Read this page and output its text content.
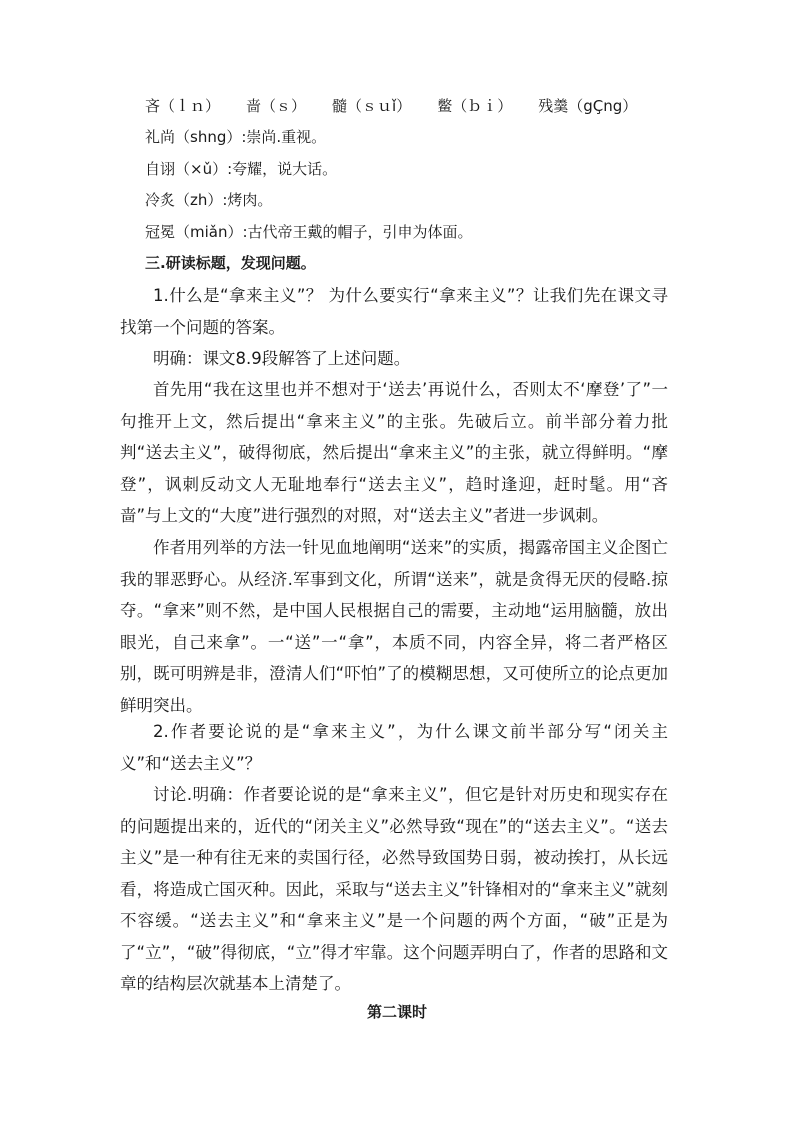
吝（ｌｎ） 啬（ｓ） 髓（ｓｕǐ） 鳖（ｂｉ） 残羹（gÇng）
礼尚（shng）:崇尚.重视。
自诩（×ǔ）:夸耀，说大话。
冷炙（zh）:烤肉。
冠冕（miǎn）:古代帝王戴的帽子，引申为体面。
三.研读标题，发现问题。
1.什么是“拿来主义”？ 为什么要实行“拿来主义”？让我们先在课文寻找第一个问题的答案。
明确：课文8.9段解答了上述问题。
首先用“我在这里也并不想对于‘送去’再说什么，否则太不‘摩登’了”一句推开上文，然后提出“拿来主义”的主张。先破后立。前半部分着力批判“送去主义”，破得彻底，然后提出“拿来主义”的主张，就立得鲜明。“摩登”，讽刺反动文人无耻地奉行“送去主义”，趋时逢迎，赶时髦。用“吝啬”与上文的“大度”进行强烈的对照，对“送去主义”者进一步讽刺。
作者用列举的方法一针见血地阐明“送来”的实质，揭露帝国主义企图亡我的罪恶野心。从经济.军事到文化，所谓“送来”，就是贪得无厌的侵略.掠夺。“拿来”则不然，是中国人民根据自己的需要，主动地“运用脑髓，放出眼光，自己来拿”。一“送”一“拿”，本质不同，内容全异，将二者严格区别，既可明辨是非，澄清人们“吓怕”了的模糊思想，又可使所立的论点更加鲜明突出。
2.作者要论说的是“拿来主义”，为什么课文前半部分写“闭关主义”和“送去主义”？
讨论.明确：作者要论说的是“拿来主义”，但它是针对历史和现实存在的问题提出来的，近代的“闭关主义”必然导致“现在”的“送去主义”。“送去主义”是一种有往无来的卖国行径，必然导致国势日弱，被动挨打，从长远看，将造成亡国灭种。因此，采取与“送去主义”针锋相对的“拿来主义”就刻不容缓。“送去主义”和“拿来主义”是一个问题的两个方面，“破”正是为了“立”，“破”得彻底，“立”得才牢靠。这个问题弄明白了，作者的思路和文章的结构层次就基本上清楚了。
第二课时
